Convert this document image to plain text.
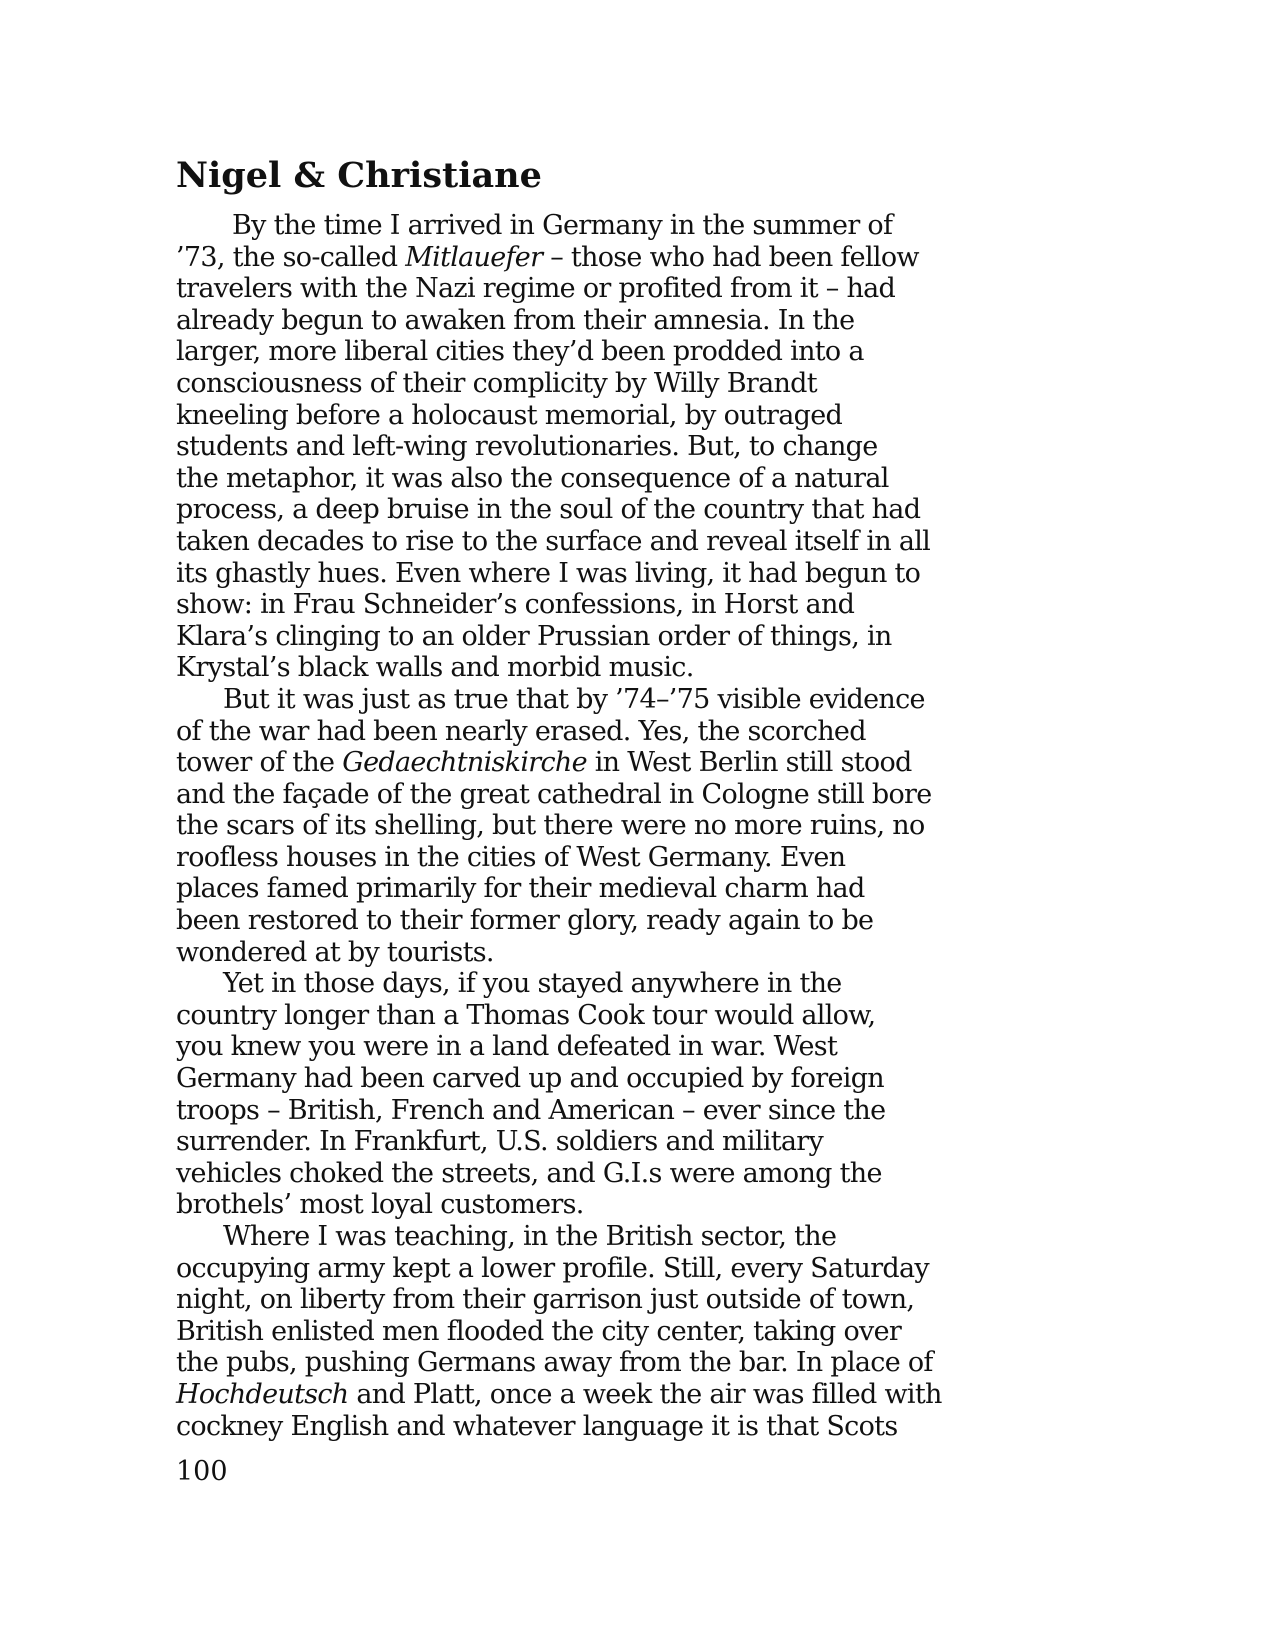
Nigel & Christiane
By the time I arrived in Germany in the summer of
’73, the so-called Mitlauefer – those who had been fellow
travelers with the Nazi regime or profited from it – had
already begun to awaken from their amnesia. In the
larger, more liberal cities they’d been prodded into a
consciousness of their complicity by Willy Brandt
kneeling before a holocaust memorial, by outraged
students and left-wing revolutionaries. But, to change
the metaphor, it was also the consequence of a natural
process, a deep bruise in the soul of the country that had
taken decades to rise to the surface and reveal itself in all
its ghastly hues. Even where I was living, it had begun to
show: in Frau Schneider’s confessions, in Horst and
Klara’s clinging to an older Prussian order of things, in
Krystal’s black walls and morbid music.
But it was just as true that by ’74–’75 visible evidence
of the war had been nearly erased. Yes, the scorched
tower of the Gedaechtniskirche in West Berlin still stood
and the façade of the great cathedral in Cologne still bore
the scars of its shelling, but there were no more ruins, no
roofless houses in the cities of West Germany. Even
places famed primarily for their medieval charm had
been restored to their former glory, ready again to be
wondered at by tourists.
Yet in those days, if you stayed anywhere in the
country longer than a Thomas Cook tour would allow,
you knew you were in a land defeated in war. West
Germany had been carved up and occupied by foreign
troops – British, French and American – ever since the
surrender. In Frankfurt, U.S. soldiers and military
vehicles choked the streets, and G.I.s were among the
brothels’ most loyal customers.
Where I was teaching, in the British sector, the
occupying army kept a lower profile. Still, every Saturday
night, on liberty from their garrison just outside of town,
British enlisted men flooded the city center, taking over
the pubs, pushing Germans away from the bar. In place of
Hochdeutsch and Platt, once a week the air was filled with
cockney English and whatever language it is that Scots
100
